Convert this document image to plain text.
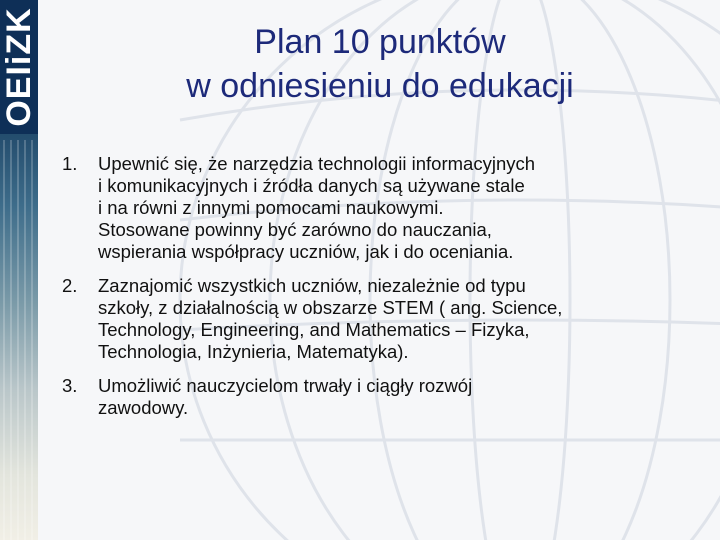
OEIiZK	Plan 10 punktów
w odniesieniu do edukacji
1. Upewnić się, że narzędzia technologii informacyjnych
i komunikacyjnych i źródła danych są używane stale
i na równi z innymi pomocami naukowymi.
Stosowane powinny być zarówno do nauczania,
wspierania współpracy uczniów, jak i do oceniania.
2. Zaznajomić wszystkich uczniów, niezależnie od typu
szkoły, z działalnością w obszarze STEM ( ang. Science,
Technology, Engineering, and Mathematics – Fizyka,
Technologia, Inżynieria, Matematyka).
3. Umożliwić nauczycielom trwały i ciągły rozwój
zawodowy.
